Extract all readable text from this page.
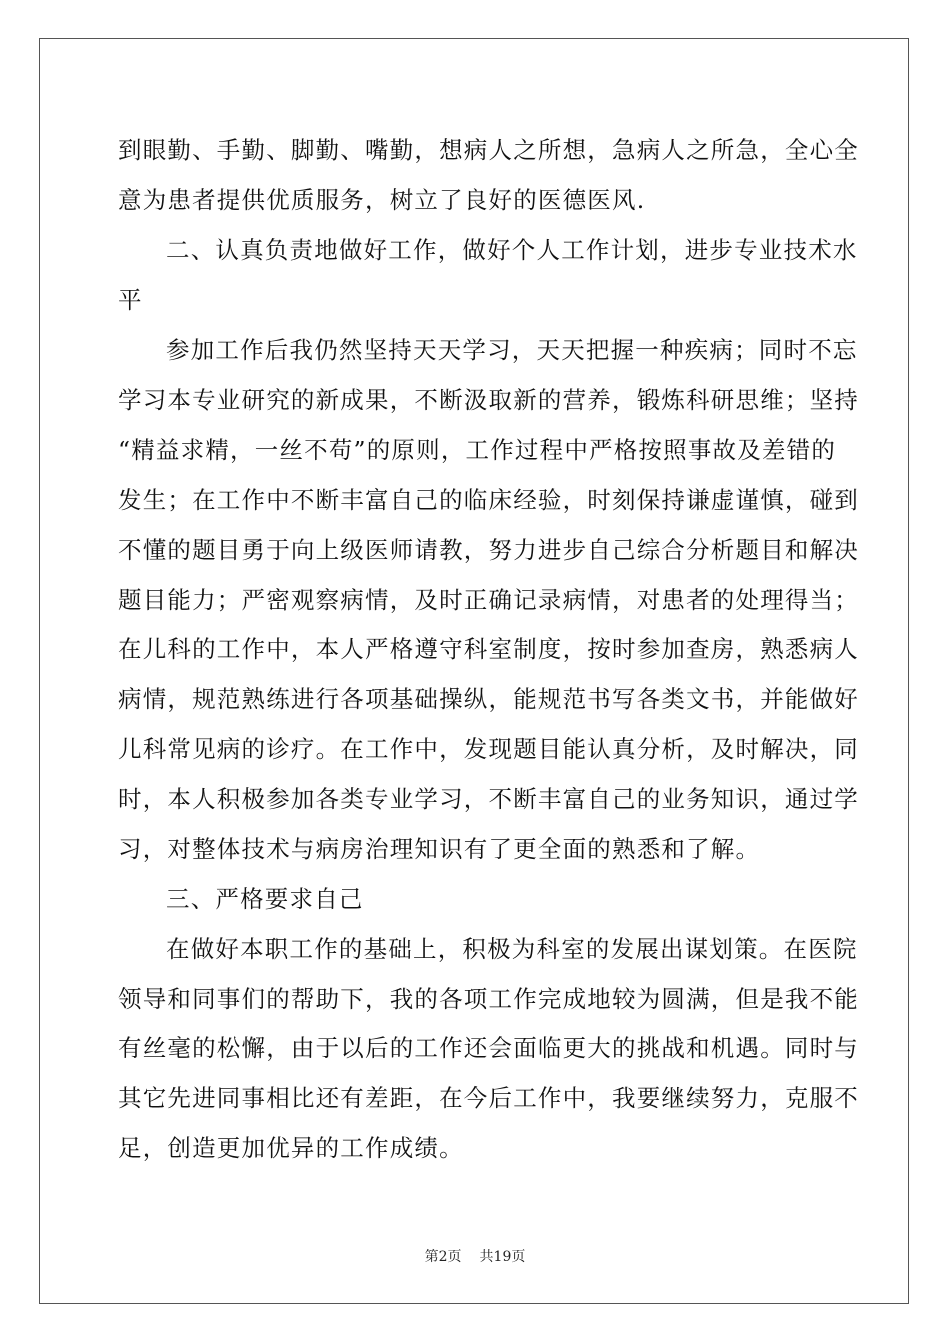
到眼勤、手勤、脚勤、嘴勤，想病人之所想，急病人之所急，全心全
意为患者提供优质服务，树立了良好的医德医风.
二、认真负责地做好工作，做好个人工作计划，进步专业技术水
平
参加工作后我仍然坚持天天学习，天天把握一种疾病；同时不忘
学习本专业研究的新成果，不断汲取新的营养，锻炼科研思维；坚持
“精益求精，一丝不苟”的原则，工作过程中严格按照事故及差错的
发生；在工作中不断丰富自己的临床经验，时刻保持谦虚谨慎，碰到
不懂的题目勇于向上级医师请教，努力进步自己综合分析题目和解决
题目能力；严密观察病情，及时正确记录病情，对患者的处理得当；
在儿科的工作中，本人严格遵守科室制度，按时参加查房，熟悉病人
病情，规范熟练进行各项基础操纵，能规范书写各类文书，并能做好
儿科常见病的诊疗。在工作中，发现题目能认真分析，及时解决，同
时，本人积极参加各类专业学习，不断丰富自己的业务知识，通过学
习，对整体技术与病房治理知识有了更全面的熟悉和了解。
三、严格要求自己
在做好本职工作的基础上，积极为科室的发展出谋划策。在医院
领导和同事们的帮助下，我的各项工作完成地较为圆满，但是我不能
有丝毫的松懈，由于以后的工作还会面临更大的挑战和机遇。同时与
其它先进同事相比还有差距，在今后工作中，我要继续努力，克服不
足，创造更加优异的工作成绩。
第2页 共19页
